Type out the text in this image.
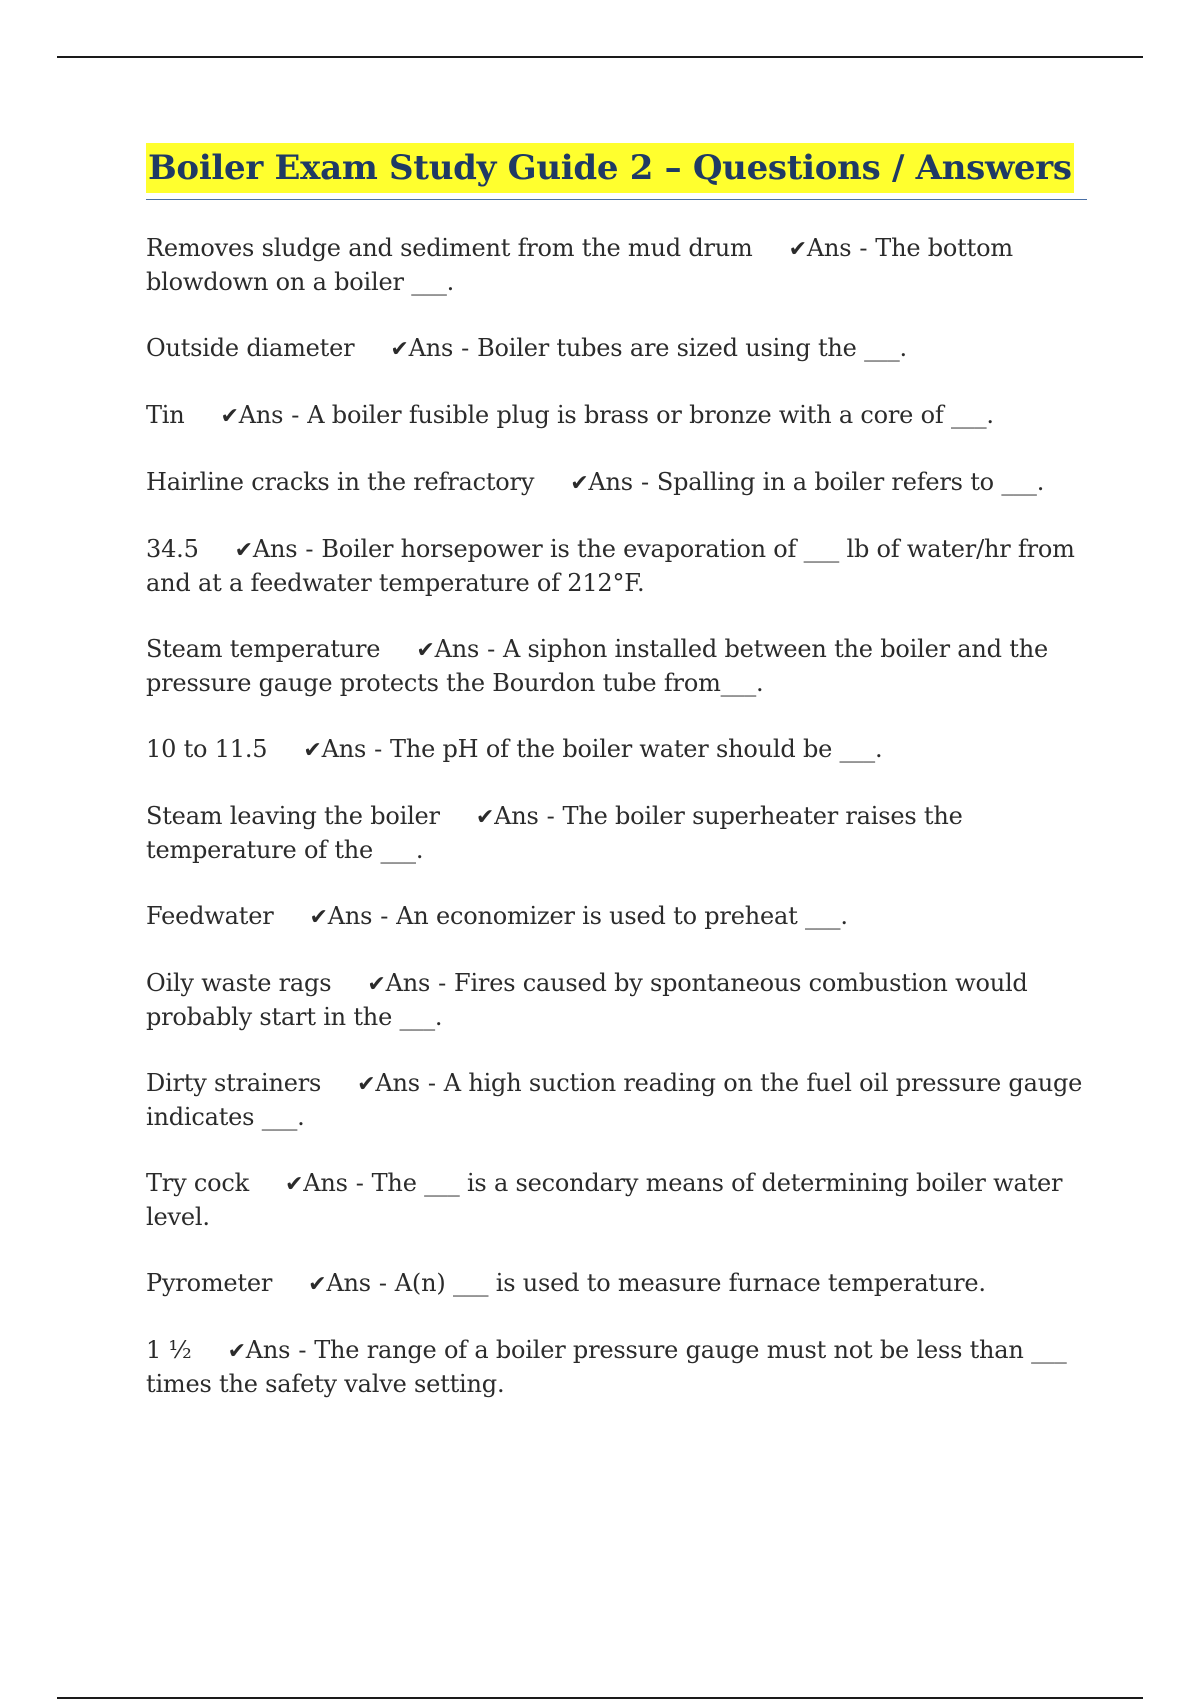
Boiler Exam Study Guide 2 – Questions / Answers
Removes sludge and sediment from the mud drum ✔Ans - The bottom blowdown on a boiler ___.
Outside diameter ✔Ans - Boiler tubes are sized using the ___.
Tin ✔Ans - A boiler fusible plug is brass or bronze with a core of ___.
Hairline cracks in the refractory ✔Ans - Spalling in a boiler refers to ___.
34.5 ✔Ans - Boiler horsepower is the evaporation of ___ lb of water/hr from and at a feedwater temperature of 212°F.
Steam temperature ✔Ans - A siphon installed between the boiler and the pressure gauge protects the Bourdon tube from___.
10 to 11.5 ✔Ans - The pH of the boiler water should be ___.
Steam leaving the boiler ✔Ans - The boiler superheater raises the temperature of the ___.
Feedwater ✔Ans - An economizer is used to preheat ___.
Oily waste rags ✔Ans - Fires caused by spontaneous combustion would probably start in the ___.
Dirty strainers ✔Ans - A high suction reading on the fuel oil pressure gauge indicates ___.
Try cock ✔Ans - The ___ is a secondary means of determining boiler water level.
Pyrometer ✔Ans - A(n) ___ is used to measure furnace temperature.
1 ½ ✔Ans - The range of a boiler pressure gauge must not be less than ___ times the safety valve setting.
